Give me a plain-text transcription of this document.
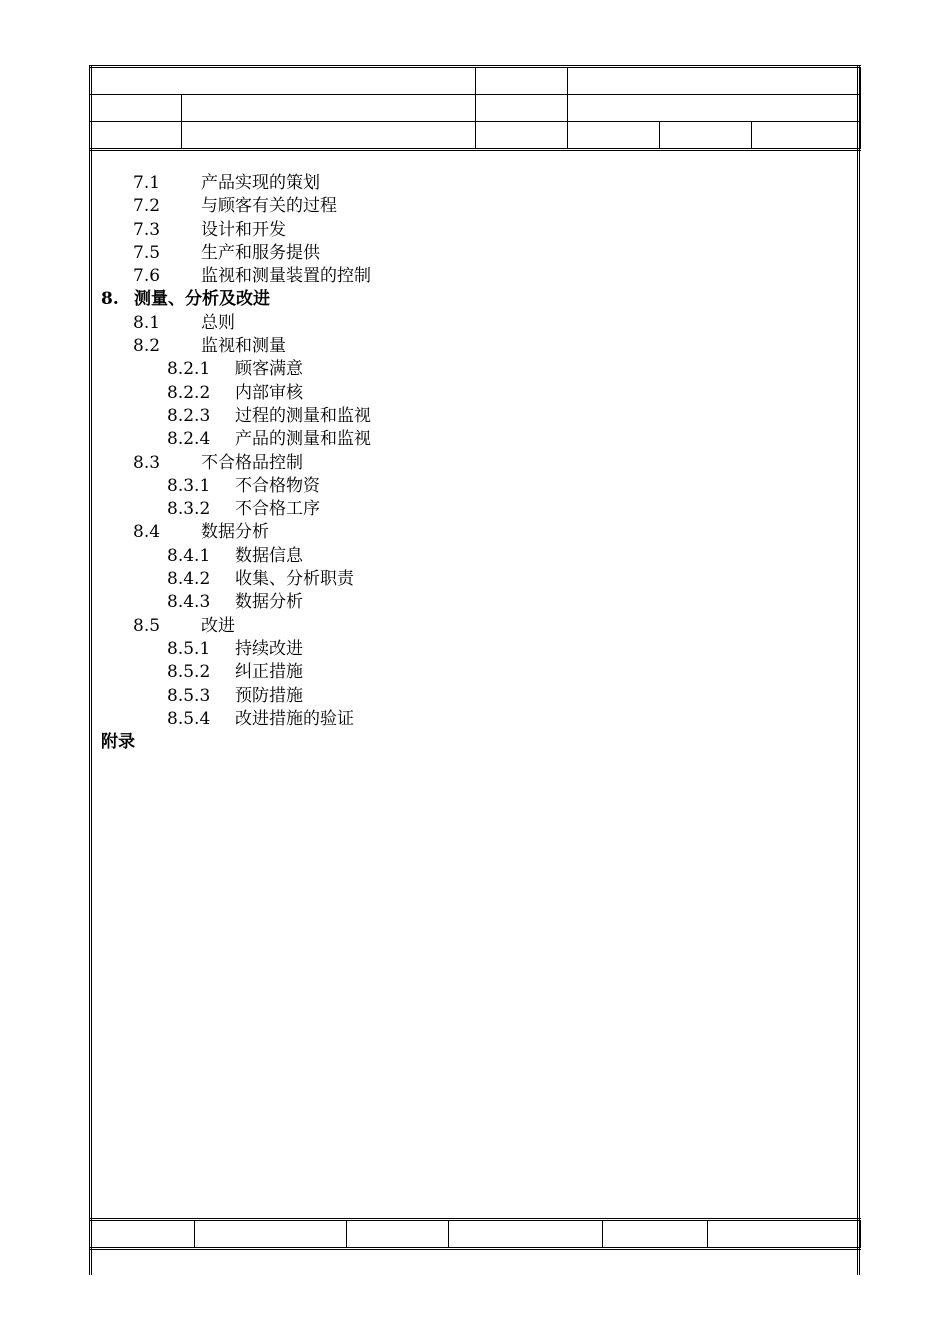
7.1 产品实现的策划
7.2 与顾客有关的过程
7.3 设计和开发
7.5 生产和服务提供
7.6 监视和测量装置的控制
8. 测量、分析及改进
8.1 总则
8.2 监视和测量
8.2.1 顾客满意
8.2.2 内部审核
8.2.3 过程的测量和监视
8.2.4 产品的测量和监视
8.3 不合格品控制
8.3.1 不合格物资
8.3.2 不合格工序
8.4 数据分析
8.4.1 数据信息
8.4.2 收集、分析职责
8.4.3 数据分析
8.5 改进
8.5.1 持续改进
8.5.2 纠正措施
8.5.3 预防措施
8.5.4 改进措施的验证
附录
